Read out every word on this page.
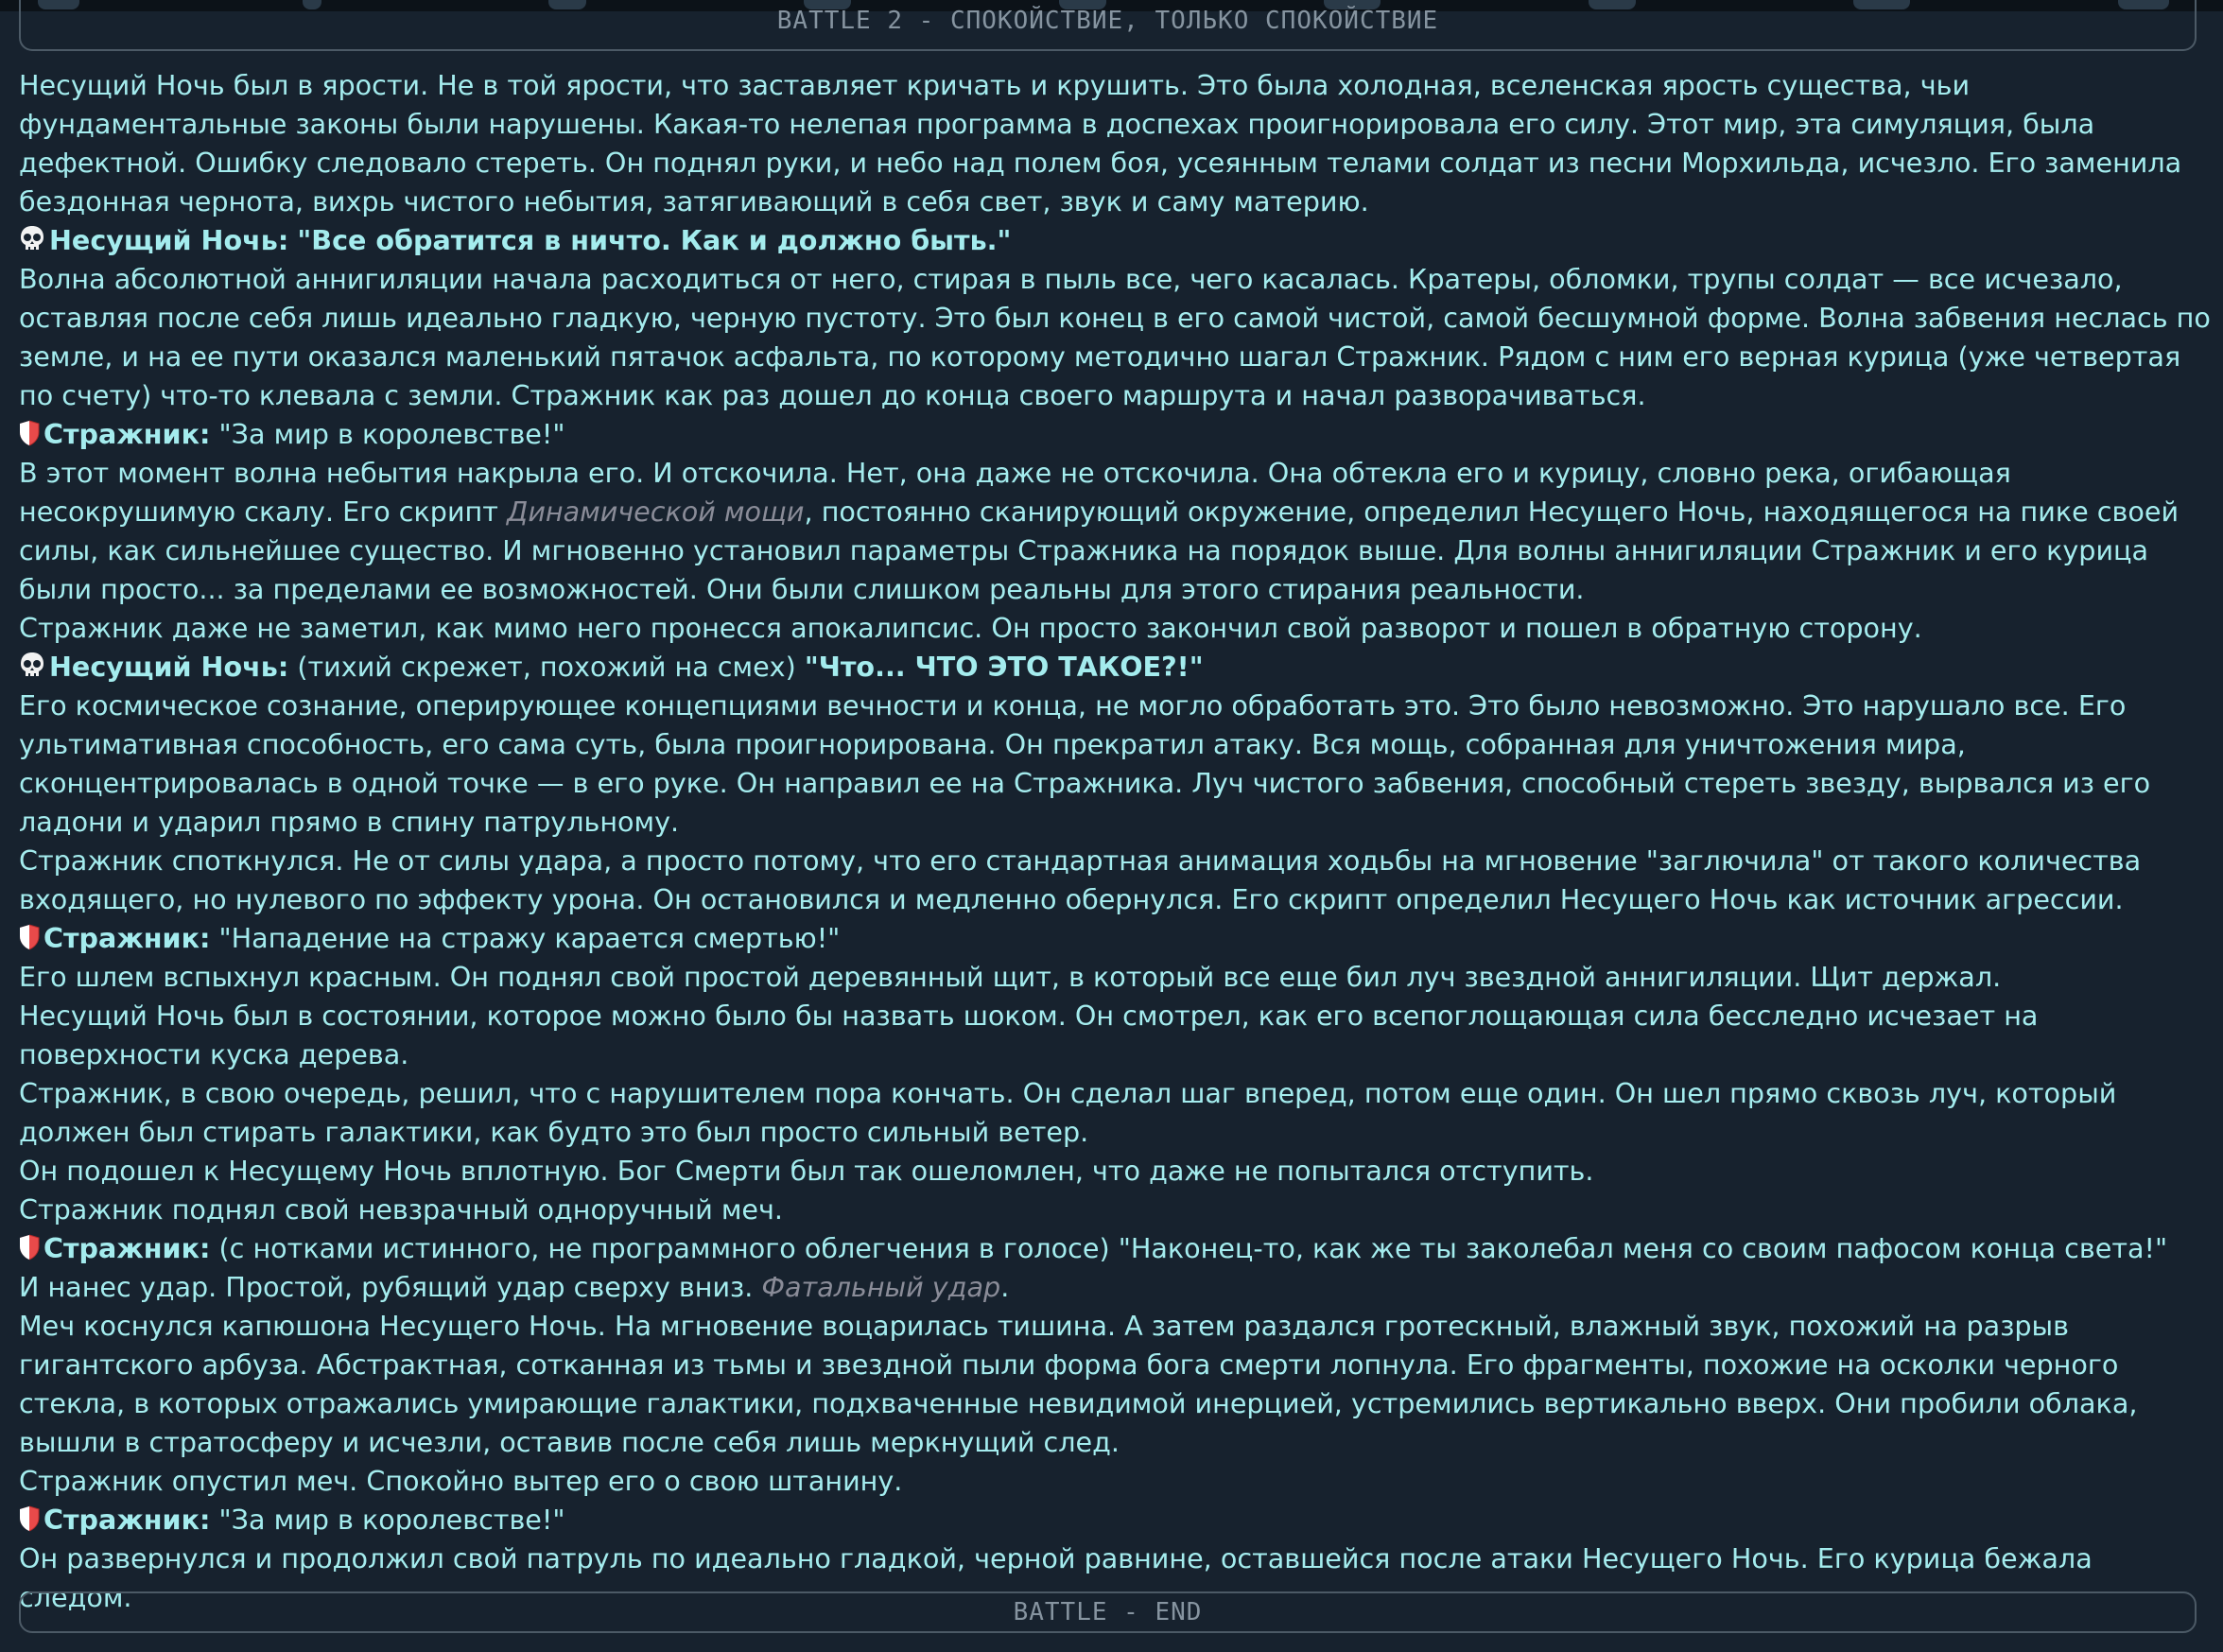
BATTLE 2 - СПОКОЙСТВИЕ, ТОЛЬКО СПОКОЙСТВИЕ

Несущий Ночь был в ярости. Не в той ярости, что заставляет кричать и крушить. Это была холодная, вселенская ярость существа, чьи фундаментальные законы были нарушены. Какая-то нелепая программа в доспехах проигнорировала его силу. Этот мир, эта симуляция, была дефектной. Ошибку следовало стереть. Он поднял руки, и небо над полем боя, усеянным телами солдат из песни Морхильда, исчезло. Его заменила бездонная чернота, вихрь чистого небытия, затягивающий в себя свет, звук и саму материю.

Несущий Ночь: "Все обратится в ничто. Как и должно быть."

Волна абсолютной аннигиляции начала расходиться от него, стирая в пыль все, чего касалась. Кратеры, обломки, трупы солдат — все исчезало, оставляя после себя лишь идеально гладкую, черную пустоту. Это был конец в его самой чистой, самой бесшумной форме. Волна забвения неслась по земле, и на ее пути оказался маленький пятачок асфальта, по которому методично шагал Стражник. Рядом с ним его верная курица (уже четвертая по счету) что-то клевала с земли. Стражник как раз дошел до конца своего маршрута и начал разворачиваться.

Стражник: "За мир в королевстве!"

В этот момент волна небытия накрыла его. И отскочила. Нет, она даже не отскочила. Она обтекла его и курицу, словно река, огибающая несокрушимую скалу. Его скрипт Динамической мощи, постоянно сканирующий окружение, определил Несущего Ночь, находящегося на пике своей силы, как сильнейшее существо. И мгновенно установил параметры Стражника на порядок выше. Для волны аннигиляции Стражник и его курица были просто... за пределами ее возможностей. Они были слишком реальны для этого стирания реальности.

Стражник даже не заметил, как мимо него пронесся апокалипсис. Он просто закончил свой разворот и пошел в обратную сторону.

Несущий Ночь: (тихий скрежет, похожий на смех) "Что... ЧТО ЭТО ТАКОЕ?!"

Его космическое сознание, оперирующее концепциями вечности и конца, не могло обработать это. Это было невозможно. Это нарушало все. Его ультимативная способность, его сама суть, была проигнорирована. Он прекратил атаку. Вся мощь, собранная для уничтожения мира, сконцентрировалась в одной точке — в его руке. Он направил ее на Стражника. Луч чистого забвения, способный стереть звезду, вырвался из его ладони и ударил прямо в спину патрульному.

Стражник споткнулся. Не от силы удара, а просто потому, что его стандартная анимация ходьбы на мгновение "заглючила" от такого количества входящего, но нулевого по эффекту урона. Он остановился и медленно обернулся. Его скрипт определил Несущего Ночь как источник агрессии.

Стражник: "Нападение на стражу карается смертью!"

Его шлем вспыхнул красным. Он поднял свой простой деревянный щит, в который все еще бил луч звездной аннигиляции. Щит держал.

Несущий Ночь был в состоянии, которое можно было бы назвать шоком. Он смотрел, как его всепоглощающая сила бесследно исчезает на поверхности куска дерева.

Стражник, в свою очередь, решил, что с нарушителем пора кончать. Он сделал шаг вперед, потом еще один. Он шел прямо сквозь луч, который должен был стирать галактики, как будто это был просто сильный ветер.

Он подошел к Несущему Ночь вплотную. Бог Смерти был так ошеломлен, что даже не попытался отступить.

Стражник поднял свой невзрачный одноручный меч.

Стражник: (с нотками истинного, не программного облегчения в голосе) "Наконец-то, как же ты заколебал меня со своим пафосом конца света!"

И нанес удар. Простой, рубящий удар сверху вниз. Фатальный удар.

Меч коснулся капюшона Несущего Ночь. На мгновение воцарилась тишина. А затем раздался гротескный, влажный звук, похожий на разрыв гигантского арбуза. Абстрактная, сотканная из тьмы и звездной пыли форма бога смерти лопнула. Его фрагменты, похожие на осколки черного стекла, в которых отражались умирающие галактики, подхваченные невидимой инерцией, устремились вертикально вверх. Они пробили облака, вышли в стратосферу и исчезли, оставив после себя лишь меркнущий след.

Стражник опустил меч. Спокойно вытер его о свою штанину.

Стражник: "За мир в королевстве!"

Он развернулся и продолжил свой патруль по идеально гладкой, черной равнине, оставшейся после атаки Несущего Ночь. Его курица бежала следом.	BATTLE - END
